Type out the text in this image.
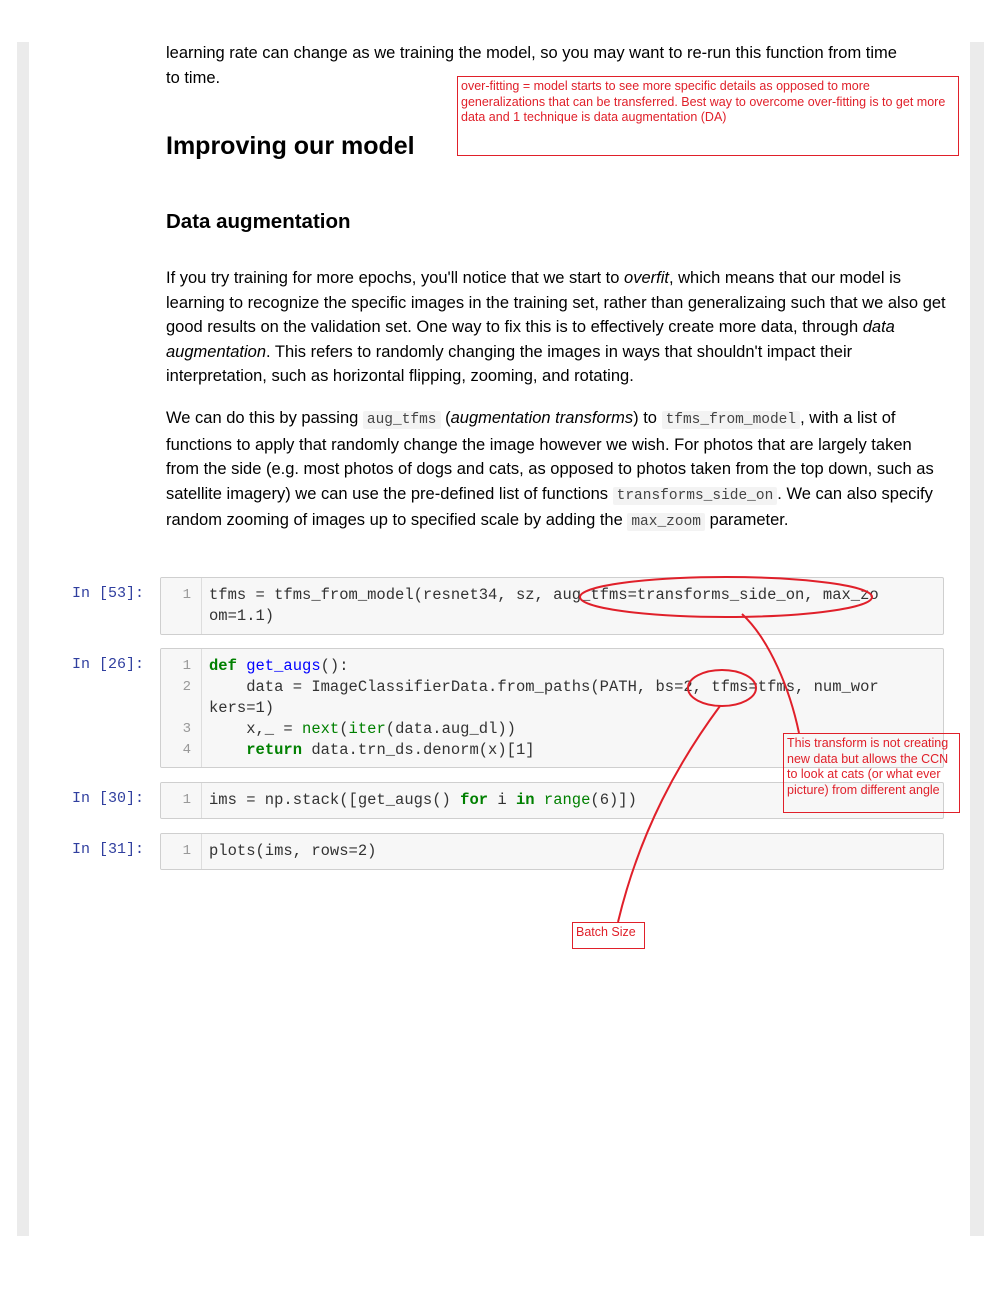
learning rate can change as we training the model, so you may want to re-run this function from time
to time.

Improving our model
Data augmentation

If you try training for more epochs, you'll notice that we start to overfit, which means that our model is learning to recognize the specific images in the training set, rather than generalizaing such that we also get good results on the validation set. One way to fix this is to effectively create more data, through data augmentation. This refers to randomly changing the images in ways that shouldn't impact their interpretation, such as horizontal flipping, zooming, and rotating.

We can do this by passing aug_tfms (augmentation transforms) to tfms_from_model , with a list of functions to apply that randomly change the image however we wish. For photos that are largely taken from the side (e.g. most photos of dogs and cats, as opposed to photos taken from the top down, such as satellite imagery) we can use the pre-defined list of functions transforms_side_on . We can also specify random zooming of images up to specified scale by adding the max_zoom parameter.

In [53]:	1 tfms = tfms_from_model(resnet34, sz, aug_tfms=transforms_side_on, max_zo
om=1.1)
In [26]:	1
2
3
4
def get_augs():
data = ImageClassifierData.from_paths(PATH, bs=2, tfms=tfms, num_wor
kers=1)
x,_ = next(iter(data.aug_dl))
return data.trn_ds.denorm(x)[1]
In [30]:	1 ims = np.stack([get_augs() for i in range(6)])
In [31]:	1 plots(ims, rows=2)
over-fitting = model starts to see more specific details as opposed to more generalizations that can be transferred. Best way to overcome over-fitting is to get more data and 1 technique is data augmentation (DA)
This transform is not creating new data but allows the CCN to look at cats (or what ever picture) from different angle
Batch Size
